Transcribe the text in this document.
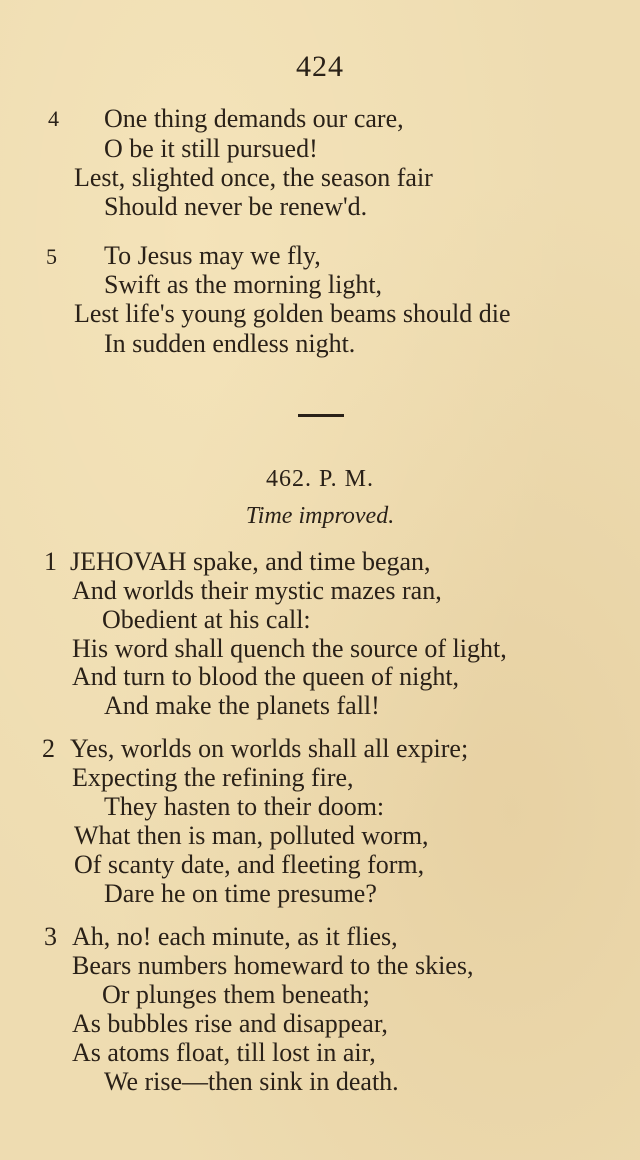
424
4 One thing demands our care,
O be it still pursued!
Lest, slighted once, the season fair
Should never be renew'd.
5 To Jesus may we fly,
Swift as the morning light,
Lest life's young golden beams should die
In sudden endless night.
462. P. M.
Time improved.
1 JEHOVAH spake, and time began,
And worlds their mystic mazes ran,
Obedient at his call:
His word shall quench the source of light,
And turn to blood the queen of night,
And make the planets fall!
2 Yes, worlds on worlds shall all expire;
Expecting the refining fire,
They hasten to their doom:
What then is man, polluted worm,
Of scanty date, and fleeting form,
Dare he on time presume?
3 Ah, no! each minute, as it flies,
Bears numbers homeward to the skies,
Or plunges them beneath;
As bubbles rise and disappear,
As atoms float, till lost in air,
We rise—then sink in death.
